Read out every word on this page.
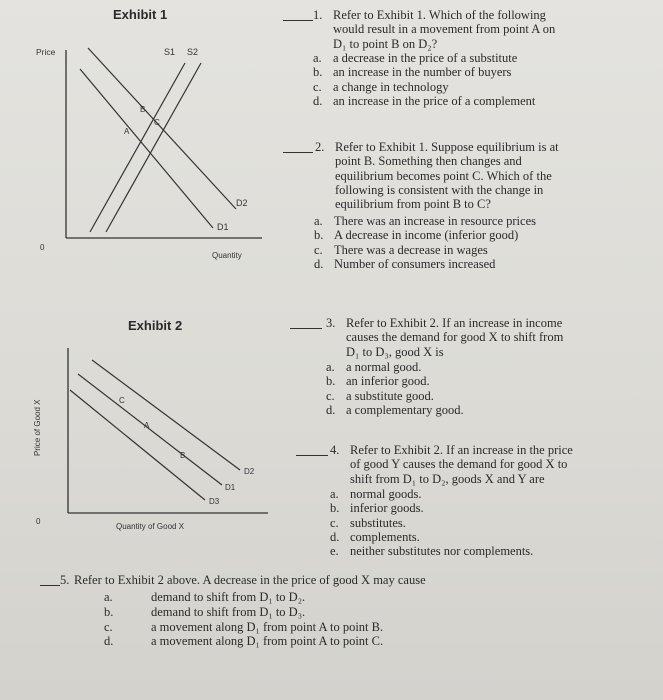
Exhibit 1
Price
Quantity
0
S1 S2
D1
D2
A
B
C
Exhibit 2
Price of Good X
Quantity of Good X
0
D2
D1
D3
A
B
C
1. Refer to Exhibit 1. Which of the following
would result in a movement from point A on
D₁ to point B on D₂?
a. a decrease in the price of a substitute
b. an increase in the number of buyers
c. a change in technology
d. an increase in the price of a complement
2. Refer to Exhibit 1. Suppose equilibrium is at
point B. Something then changes and
equilibrium becomes point C. Which of the
following is consistent with the change in
equilibrium from point B to C?
a. There was an increase in resource prices
b. A decrease in income (inferior good)
c. There was a decrease in wages
d. Number of consumers increased
3. Refer to Exhibit 2. If an increase in income
causes the demand for good X to shift from
D₁ to D₃, good X is
a. a normal good.
b. an inferior good.
c. a substitute good.
d. a complementary good.
4. Refer to Exhibit 2. If an increase in the price
of good Y causes the demand for good X to
shift from D₁ to D₂, goods X and Y are
a. normal goods.
b. inferior goods.
c. substitutes.
d. complements.
e. neither substitutes nor complements.
5. Refer to Exhibit 2 above. A decrease in the price of good X may cause
a.	demand to shift from D₁ to D₂.
b.	demand to shift from D₁ to D₃.
c.	a movement along D₁ from point A to point B.
d.	a movement along D₁ from point A to point C.
